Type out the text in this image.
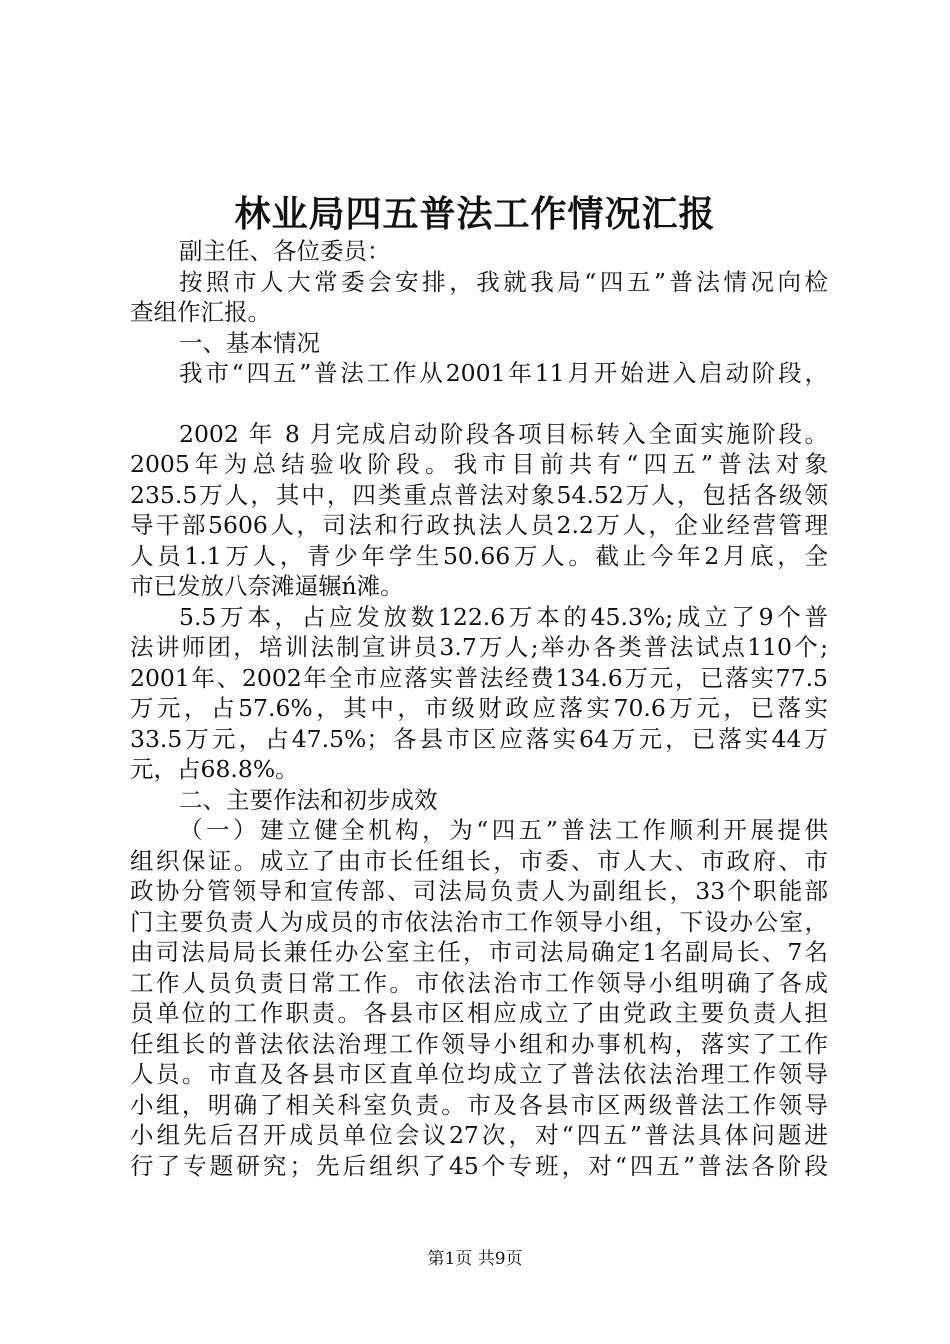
林业局四五普法工作情况汇报
副主任、各位委员：
按照市人大常委会安排，我就我局“四五”普法情况向检
查组作汇报。
一、基本情况
我市“四五”普法工作从2001年11月开始进入启动阶段，
2002 年 8 月完成启动阶段各项目标转入全面实施阶段。
2005年为总结验收阶段。我市目前共有“四五”普法对象
235.5万人，其中，四类重点普法对象54.52万人，包括各级领
导干部5606人，司法和行政执法人员2.2万人，企业经营管理
人员1.1万人，青少年学生50.66万人。截止今年2月底，全
市已发放八奈滩逼辗ń滩。
5.5万本，占应发放数122.6万本的45.3%;成立了9个普
法讲师团，培训法制宣讲员3.7万人;举办各类普法试点110个;
2001年、2002年全市应落实普法经费134.6万元，已落实77.5
万元，占57.6%，其中，市级财政应落实70.6万元，已落实
33.5万元，占47.5%；各县市区应落实64万元，已落实44万
元，占68.8%。
二、主要作法和初步成效
（一）建立健全机构，为“四五”普法工作顺利开展提供
组织保证。成立了由市长任组长，市委、市人大、市政府、市
政协分管领导和宣传部、司法局负责人为副组长，33个职能部
门主要负责人为成员的市依法治市工作领导小组，下设办公室，
由司法局局长兼任办公室主任，市司法局确定1名副局长、7名
工作人员负责日常工作。市依法治市工作领导小组明确了各成
员单位的工作职责。各县市区相应成立了由党政主要负责人担
任组长的普法依法治理工作领导小组和办事机构，落实了工作
人员。市直及各县市区直单位均成立了普法依法治理工作领导
小组，明确了相关科室负责。市及各县市区两级普法工作领导
小组先后召开成员单位会议27次，对“四五”普法具体问题进
行了专题研究；先后组织了45个专班，对“四五”普法各阶段
第1页 共9页
